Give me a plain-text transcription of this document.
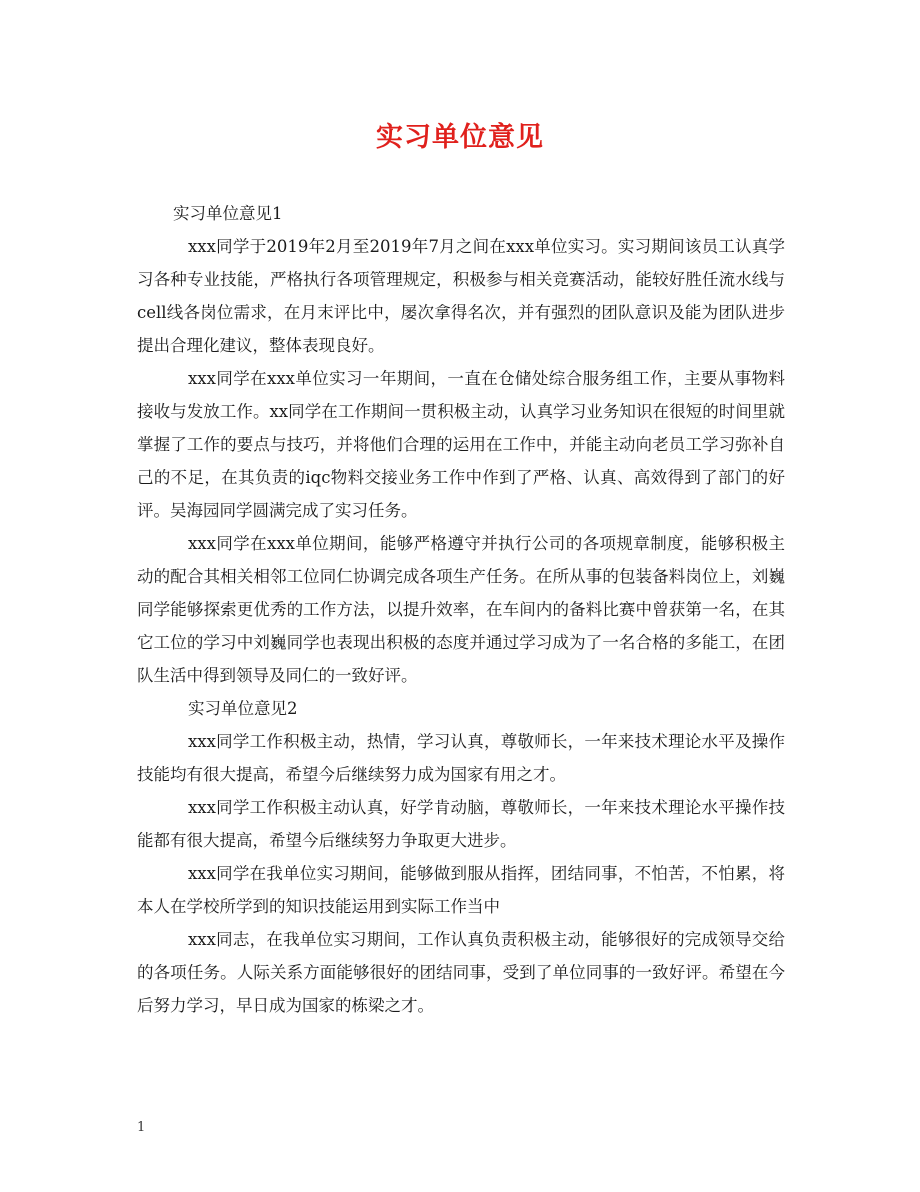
实习单位意见

实习单位意见1

xxx同学于2019年2月至2019年7月之间在xxx单位实习。实习期间该员工认真学习各种专业技能，严格执行各项管理规定，积极参与相关竞赛活动，能较好胜任流水线与cell线各岗位需求，在月末评比中，屡次拿得名次，并有强烈的团队意识及能为团队进步提出合理化建议，整体表现良好。

xxx同学在xxx单位实习一年期间，一直在仓储处综合服务组工作，主要从事物料接收与发放工作。xx同学在工作期间一贯积极主动，认真学习业务知识在很短的时间里就掌握了工作的要点与技巧，并将他们合理的运用在工作中，并能主动向老员工学习弥补自己的不足，在其负责的iqc物料交接业务工作中作到了严格、认真、高效得到了部门的好评。吴海园同学圆满完成了实习任务。

xxx同学在xxx单位期间，能够严格遵守并执行公司的各项规章制度，能够积极主动的配合其相关相邻工位同仁协调完成各项生产任务。在所从事的包装备料岗位上，刘巍同学能够探索更优秀的工作方法，以提升效率，在车间内的备料比赛中曾获第一名，在其它工位的学习中刘巍同学也表现出积极的态度并通过学习成为了一名合格的多能工，在团队生活中得到领导及同仁的一致好评。

实习单位意见2

xxx同学工作积极主动，热情，学习认真，尊敬师长，一年来技术理论水平及操作技能均有很大提高，希望今后继续努力成为国家有用之才。

xxx同学工作积极主动认真，好学肯动脑，尊敬师长，一年来技术理论水平操作技能都有很大提高，希望今后继续努力争取更大进步。

xxx同学在我单位实习期间，能够做到服从指挥，团结同事，不怕苦，不怕累，将本人在学校所学到的知识技能运用到实际工作当中

xxx同志，在我单位实习期间，工作认真负责积极主动，能够很好的完成领导交给的各项任务。人际关系方面能够很好的团结同事，受到了单位同事的一致好评。希望在今后努力学习，早日成为国家的栋梁之才。

1
